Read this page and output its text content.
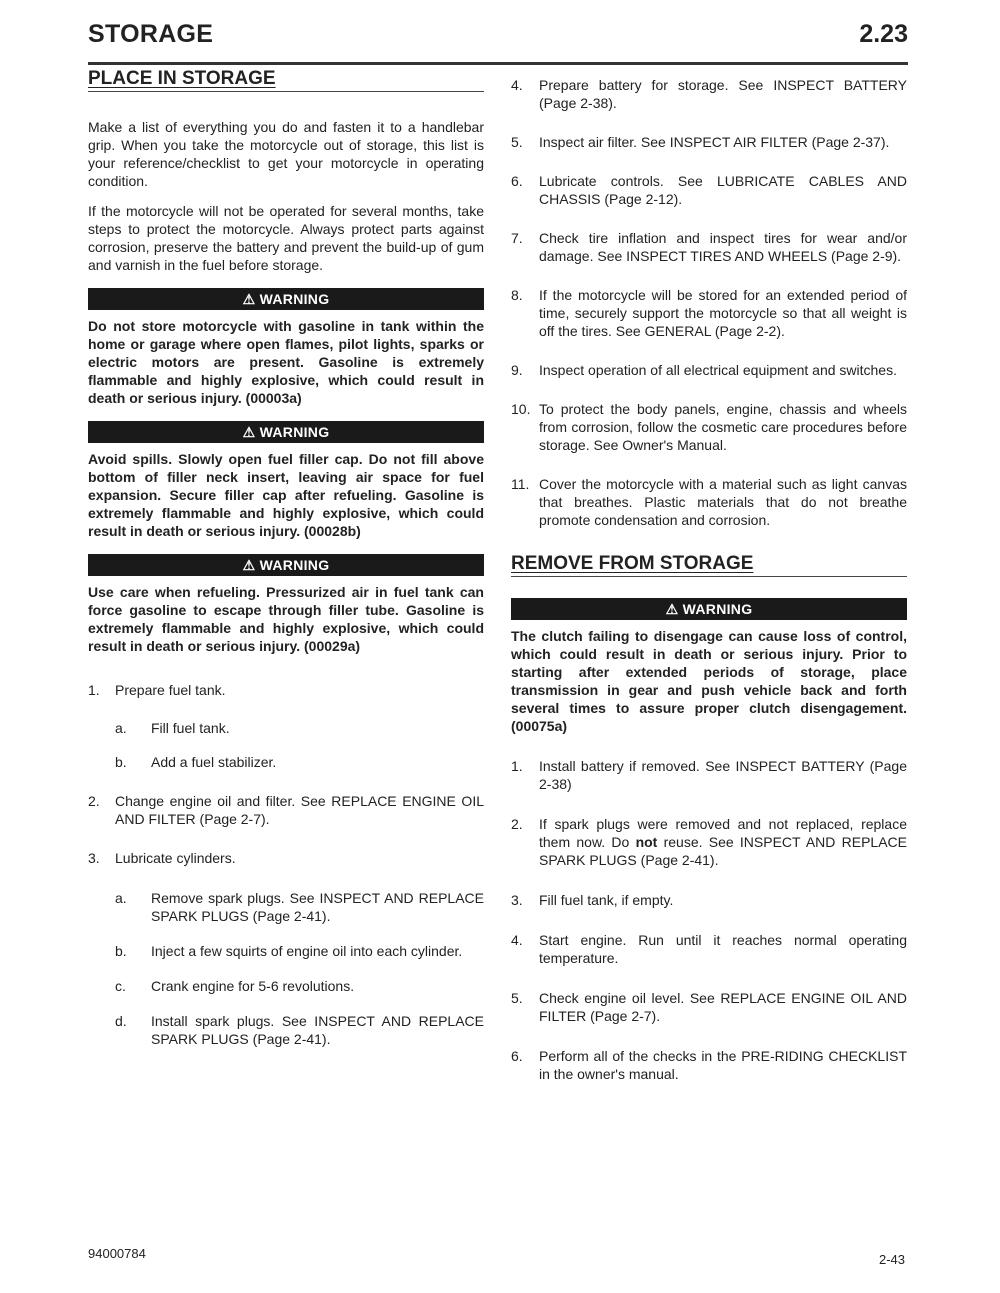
STORAGE	2.23
PLACE IN STORAGE

Make a list of everything you do and fasten it to a handlebar grip. When you take the motorcycle out of storage, this list is your reference/checklist to get your motorcycle in operating condition.

If the motorcycle will not be operated for several months, take steps to protect the motorcycle. Always protect parts against corrosion, preserve the battery and prevent the build-up of gum and varnish in the fuel before storage.

⚠ WARNING

Do not store motorcycle with gasoline in tank within the home or garage where open flames, pilot lights, sparks or electric motors are present. Gasoline is extremely flammable and highly explosive, which could result in death or serious injury. (00003a)

⚠ WARNING

Avoid spills. Slowly open fuel filler cap. Do not fill above bottom of filler neck insert, leaving air space for fuel expansion. Secure filler cap after refueling. Gasoline is extremely flammable and highly explosive, which could result in death or serious injury. (00028b)

⚠ WARNING

Use care when refueling. Pressurized air in fuel tank can force gasoline to escape through filler tube. Gasoline is extremely flammable and highly explosive, which could result in death or serious injury. (00029a)

1. Prepare fuel tank.
a. Fill fuel tank.
b. Add a fuel stabilizer.
2. Change engine oil and filter. See REPLACE ENGINE OIL AND FILTER (Page 2-7).
3. Lubricate cylinders.
a. Remove spark plugs. See INSPECT AND REPLACE SPARK PLUGS (Page 2-41).
b. Inject a few squirts of engine oil into each cylinder.
c. Crank engine for 5-6 revolutions.
d. Install spark plugs. See INSPECT AND REPLACE SPARK PLUGS (Page 2-41).
4. Prepare battery for storage. See INSPECT BATTERY (Page 2-38).
5. Inspect air filter. See INSPECT AIR FILTER (Page 2-37).
6. Lubricate controls. See LUBRICATE CABLES AND CHASSIS (Page 2-12).
7. Check tire inflation and inspect tires for wear and/or damage. See INSPECT TIRES AND WHEELS (Page 2-9).
8. If the motorcycle will be stored for an extended period of time, securely support the motorcycle so that all weight is off the tires. See GENERAL (Page 2-2).
9. Inspect operation of all electrical equipment and switches.
10. To protect the body panels, engine, chassis and wheels from corrosion, follow the cosmetic care procedures before storage. See Owner's Manual.
11. Cover the motorcycle with a material such as light canvas that breathes. Plastic materials that do not breathe promote condensation and corrosion.
REMOVE FROM STORAGE
⚠ WARNING

The clutch failing to disengage can cause loss of control, which could result in death or serious injury. Prior to starting after extended periods of storage, place transmission in gear and push vehicle back and forth several times to assure proper clutch disengagement. (00075a)

1. Install battery if removed. See INSPECT BATTERY (Page 2-38)
2. If spark plugs were removed and not replaced, replace them now. Do not reuse. See INSPECT AND REPLACE SPARK PLUGS (Page 2-41).
3. Fill fuel tank, if empty.
4. Start engine. Run until it reaches normal operating temperature.
5. Check engine oil level. See REPLACE ENGINE OIL AND FILTER (Page 2-7).
6. Perform all of the checks in the PRE-RIDING CHECKLIST in the owner's manual.
94000784	2-43
